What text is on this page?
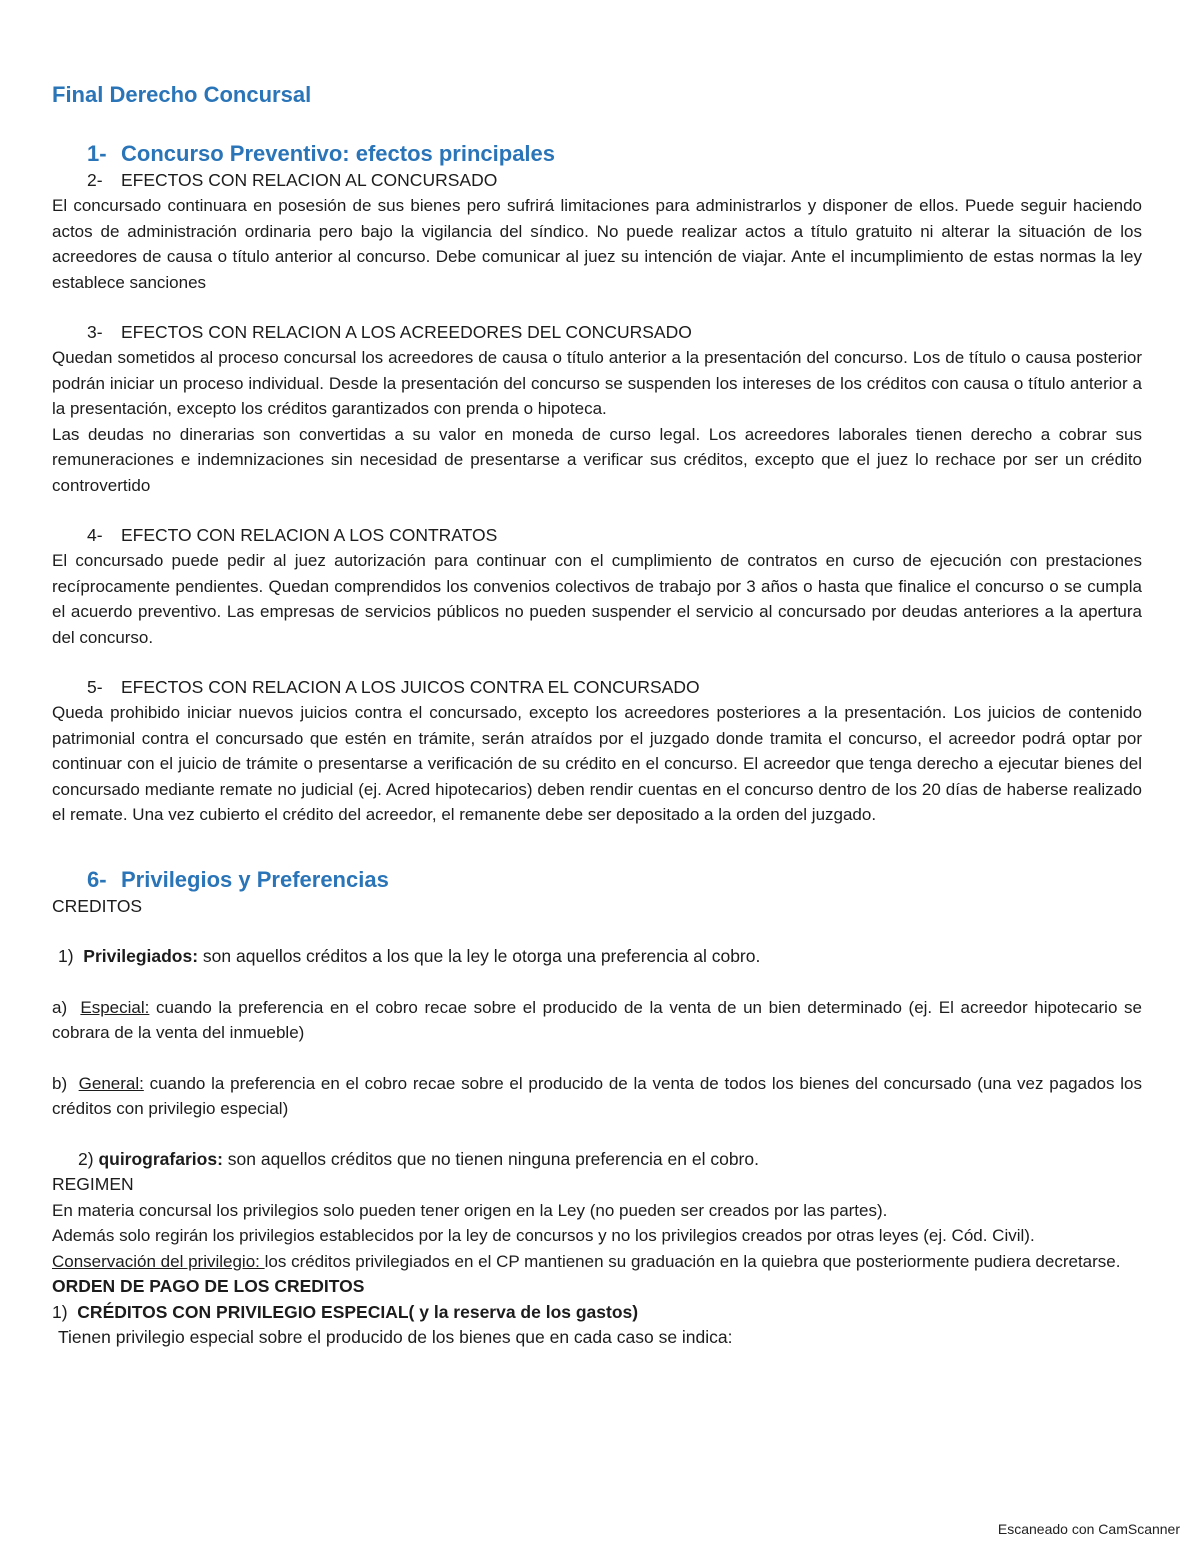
Final Derecho Concursal
1- Concurso Preventivo: efectos principales
2- EFECTOS CON RELACION AL CONCURSADO

El concursado continuara en posesión de sus bienes pero sufrirá limitaciones para administrarlos y disponer de ellos. Puede seguir haciendo actos de administración ordinaria pero bajo la vigilancia del síndico. No puede realizar actos a título gratuito ni alterar la situación de los acreedores de causa o título anterior al concurso. Debe comunicar al juez su intención de viajar. Ante el incumplimiento de estas normas la ley establece sanciones

3- EFECTOS CON RELACION A LOS ACREEDORES DEL CONCURSADO

Quedan sometidos al proceso concursal los acreedores de causa o título anterior a la presentación del concurso. Los de título o causa posterior podrán iniciar un proceso individual. Desde la presentación del concurso se suspenden los intereses de los créditos con causa o título anterior a la presentación, excepto los créditos garantizados con prenda o hipoteca.

Las deudas no dinerarias son convertidas a su valor en moneda de curso legal. Los acreedores laborales tienen derecho a cobrar sus remuneraciones e indemnizaciones sin necesidad de presentarse a verificar sus créditos, excepto que el juez lo rechace por ser un crédito controvertido

4- EFECTO CON RELACION A LOS CONTRATOS

El concursado puede pedir al juez autorización para continuar con el cumplimiento de contratos en curso de ejecución con prestaciones recíprocamente pendientes. Quedan comprendidos los convenios colectivos de trabajo por 3 años o hasta que finalice el concurso o se cumpla el acuerdo preventivo. Las empresas de servicios públicos no pueden suspender el servicio al concursado por deudas anteriores a la apertura del concurso.

5- EFECTOS CON RELACION A LOS JUICOS CONTRA EL CONCURSADO

Queda prohibido iniciar nuevos juicios contra el concursado, excepto los acreedores posteriores a la presentación. Los juicios de contenido patrimonial contra el concursado que estén en trámite, serán atraídos por el juzgado donde tramita el concurso, el acreedor podrá optar por continuar con el juicio de trámite o presentarse a verificación de su crédito en el concurso. El acreedor que tenga derecho a ejecutar bienes del concursado mediante remate no judicial (ej. Acred hipotecarios) deben rendir cuentas en el concurso dentro de los 20 días de haberse realizado el remate. Una vez cubierto el crédito del acreedor, el remanente debe ser depositado a la orden del juzgado.

6- Privilegios y Preferencias

CREDITOS

1) Privilegiados: son aquellos créditos a los que la ley le otorga una preferencia al cobro.

a) Especial: cuando la preferencia en el cobro recae sobre el producido de la venta de un bien determinado (ej. El acreedor hipotecario se cobrara de la venta del inmueble)

b) General: cuando la preferencia en el cobro recae sobre el producido de la venta de todos los bienes del concursado (una vez pagados los créditos con privilegio especial)

2) quirografarios: son aquellos créditos que no tienen ninguna preferencia en el cobro.

REGIMEN

En materia concursal los privilegios solo pueden tener origen en la Ley (no pueden ser creados por las partes).

Además solo regirán los privilegios establecidos por la ley de concursos y no los privilegios creados por otras leyes (ej. Cód. Civil).

Conservación del privilegio: los créditos privilegiados en el CP mantienen su graduación en la quiebra que posteriormente pudiera decretarse.

ORDEN DE PAGO DE LOS CREDITOS

1) CRÉDITOS CON PRIVILEGIO ESPECIAL( y la reserva de los gastos)

Tienen privilegio especial sobre el producido de los bienes que en cada caso se indica:

Escaneado con CamScanner
